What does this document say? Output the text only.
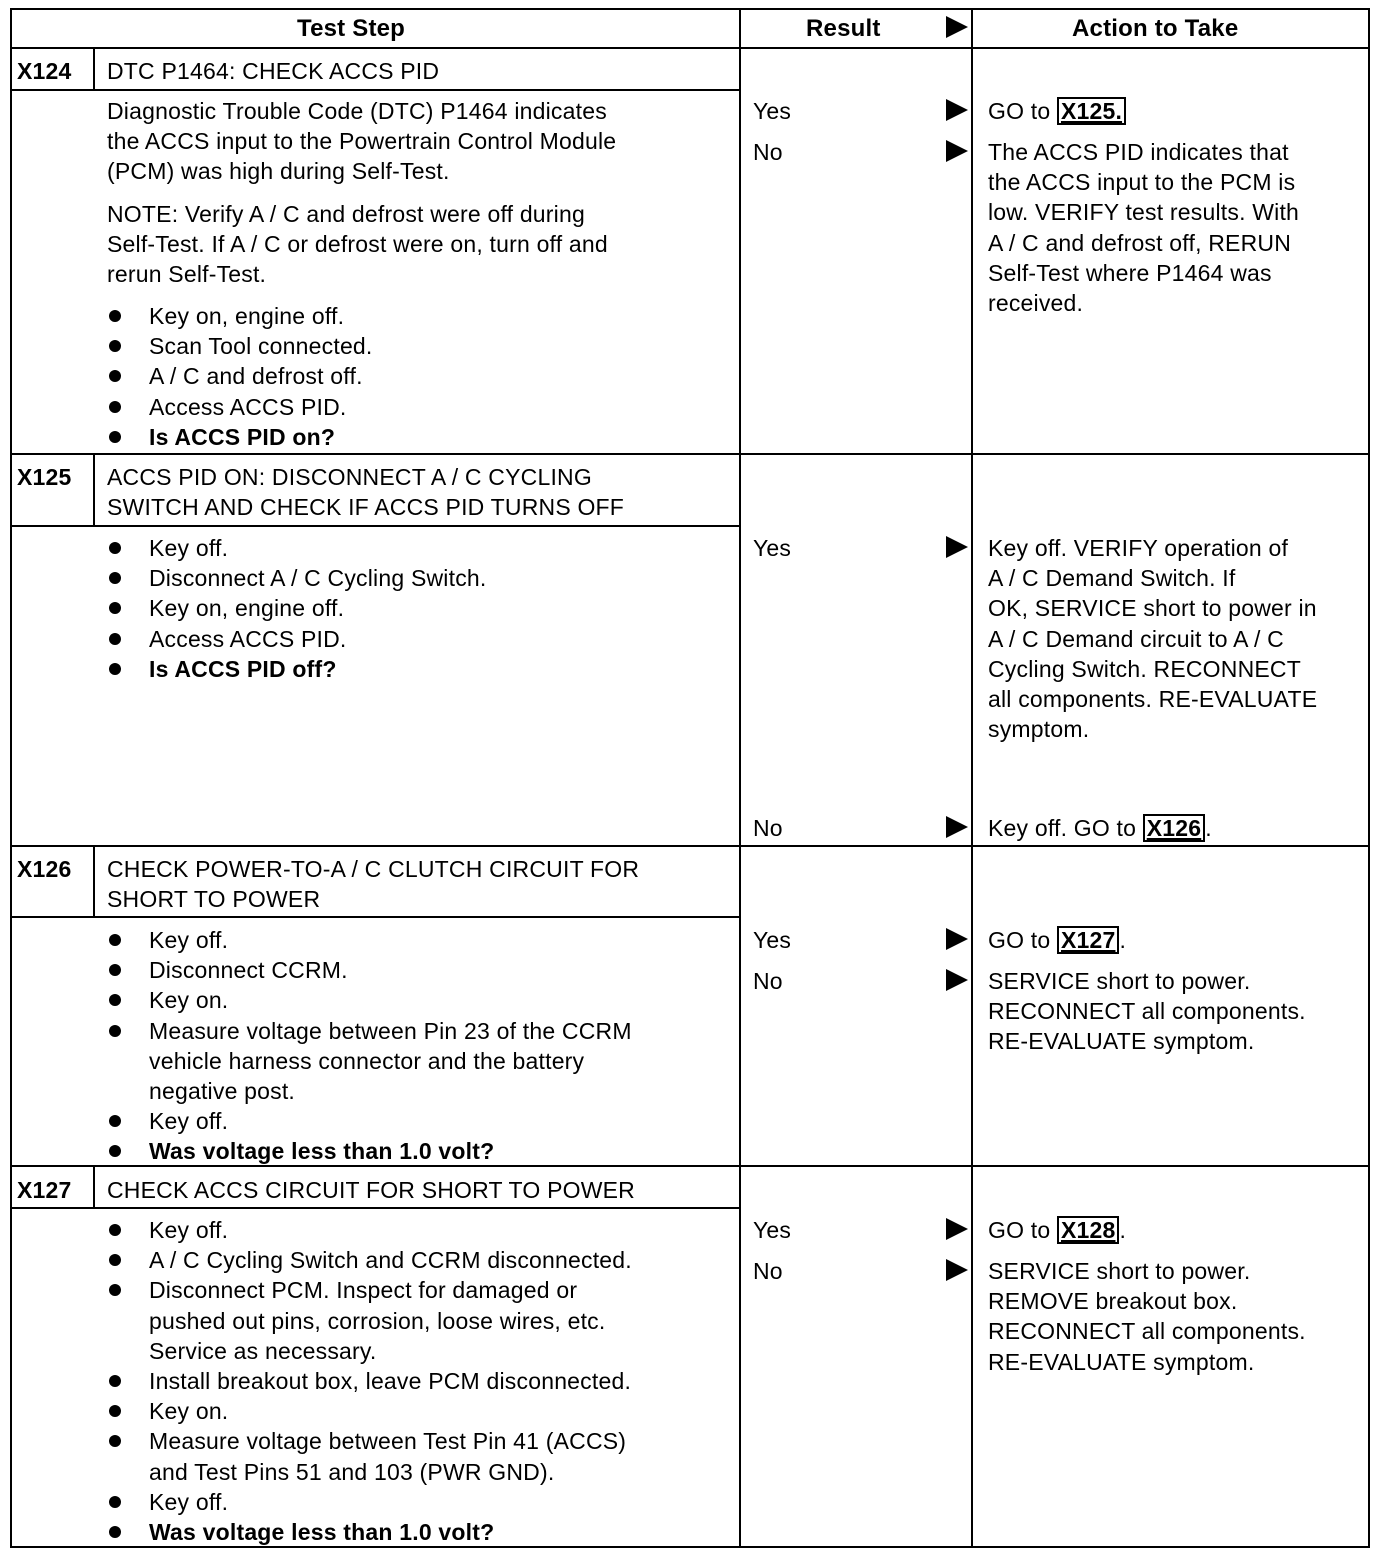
Test Step	Result	Action to Take
X124 DTC P1464: CHECK ACCS PID
Diagnostic Trouble Code (DTC) P1464 indicates
the ACCS input to the Powertrain Control Module
(PCM) was high during Self-Test.
NOTE: Verify A / C and defrost were off during
Self-Test. If A / C or defrost were on, turn off and
rerun Self-Test.
Key on, engine off.
Scan Tool connected.
A / C and defrost off.
Access ACCS PID.
Is ACCS PID on?
Yes	GO to X125.
No	The ACCS PID indicates that
the ACCS input to the PCM is
low. VERIFY test results. With
A / C and defrost off, RERUN
Self-Test where P1464 was
received.
X125 ACCS PID ON: DISCONNECT A / C CYCLING
SWITCH AND CHECK IF ACCS PID TURNS OFF
Key off.
Disconnect A / C Cycling Switch.
Key on, engine off.
Access ACCS PID.
Is ACCS PID off?
Yes	Key off. VERIFY operation of
A / C Demand Switch. If
OK, SERVICE short to power in
A / C Demand circuit to A / C
Cycling Switch. RECONNECT
all components. RE-EVALUATE
symptom.
No	Key off. GO to X126 .
X126 CHECK POWER-TO-A / C CLUTCH CIRCUIT FOR
SHORT TO POWER
Key off.
Disconnect CCRM.
Key on.
Measure voltage between Pin 23 of the CCRM
vehicle harness connector and the battery
negative post.
Key off.
Was voltage less than 1.0 volt?
Yes	GO to X127 .
No	SERVICE short to power.
RECONNECT all components.
RE-EVALUATE symptom.
X127 CHECK ACCS CIRCUIT FOR SHORT TO POWER
Key off.
A / C Cycling Switch and CCRM disconnected.
Disconnect PCM. Inspect for damaged or
pushed out pins, corrosion, loose wires, etc.
Service as necessary.
Install breakout box, leave PCM disconnected.
Key on.
Measure voltage between Test Pin 41 (ACCS)
and Test Pins 51 and 103 (PWR GND).
Key off.
Was voltage less than 1.0 volt?
Yes	GO to X128 .
No	SERVICE short to power.
REMOVE breakout box.
RECONNECT all components.
RE-EVALUATE symptom.
